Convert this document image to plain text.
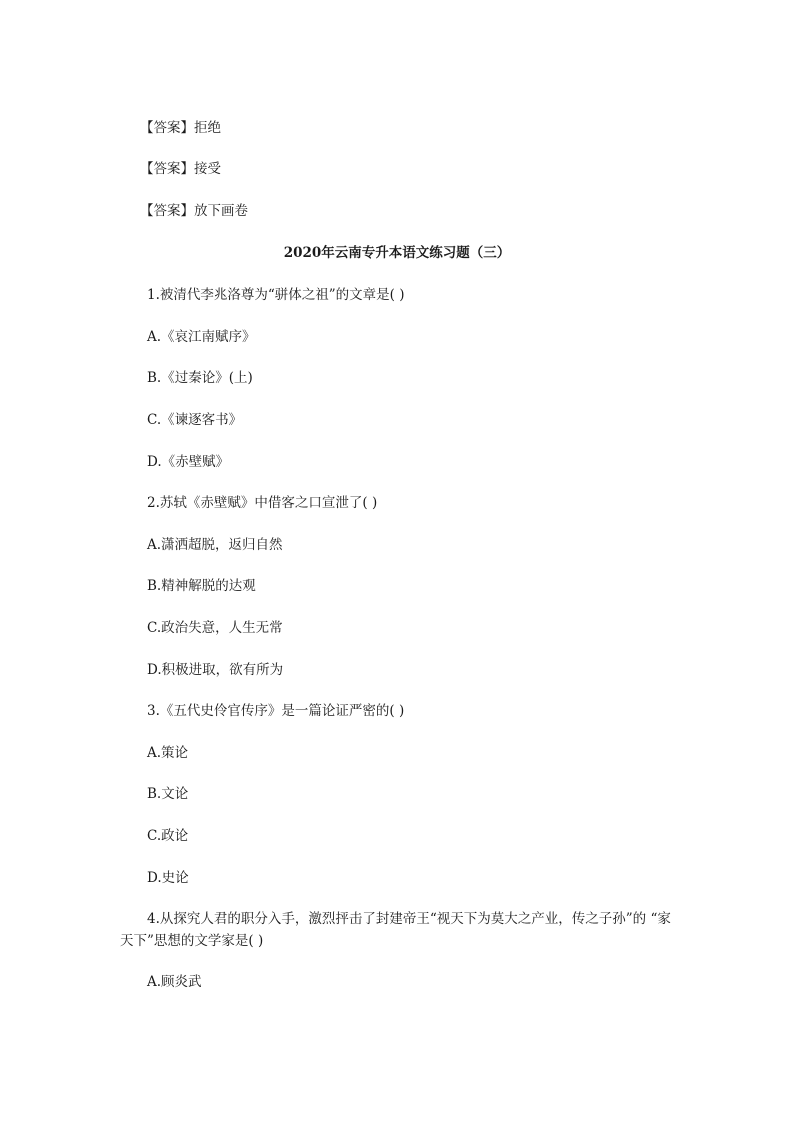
【答案】拒绝
【答案】接受
【答案】放下画卷
2020年云南专升本语文练习题（三）
1.被清代李兆洛尊为“骈体之祖”的文章是( )
A.《哀江南赋序》
B.《过秦论》(上)
C.《谏逐客书》
D.《赤壁赋》
2.苏轼《赤壁赋》中借客之口宣泄了( )
A.潇洒超脱，返归自然
B.精神解脱的达观
C.政治失意，人生无常
D.积极进取，欲有所为
3.《五代史伶官传序》是一篇论证严密的( )
A.策论
B.文论
C.政论
D.史论
4.从探究人君的职分入手，激烈抨击了封建帝王“视天下为莫大之产业，传之子孙”的 “家天下”思想的文学家是( )
A.顾炎武
